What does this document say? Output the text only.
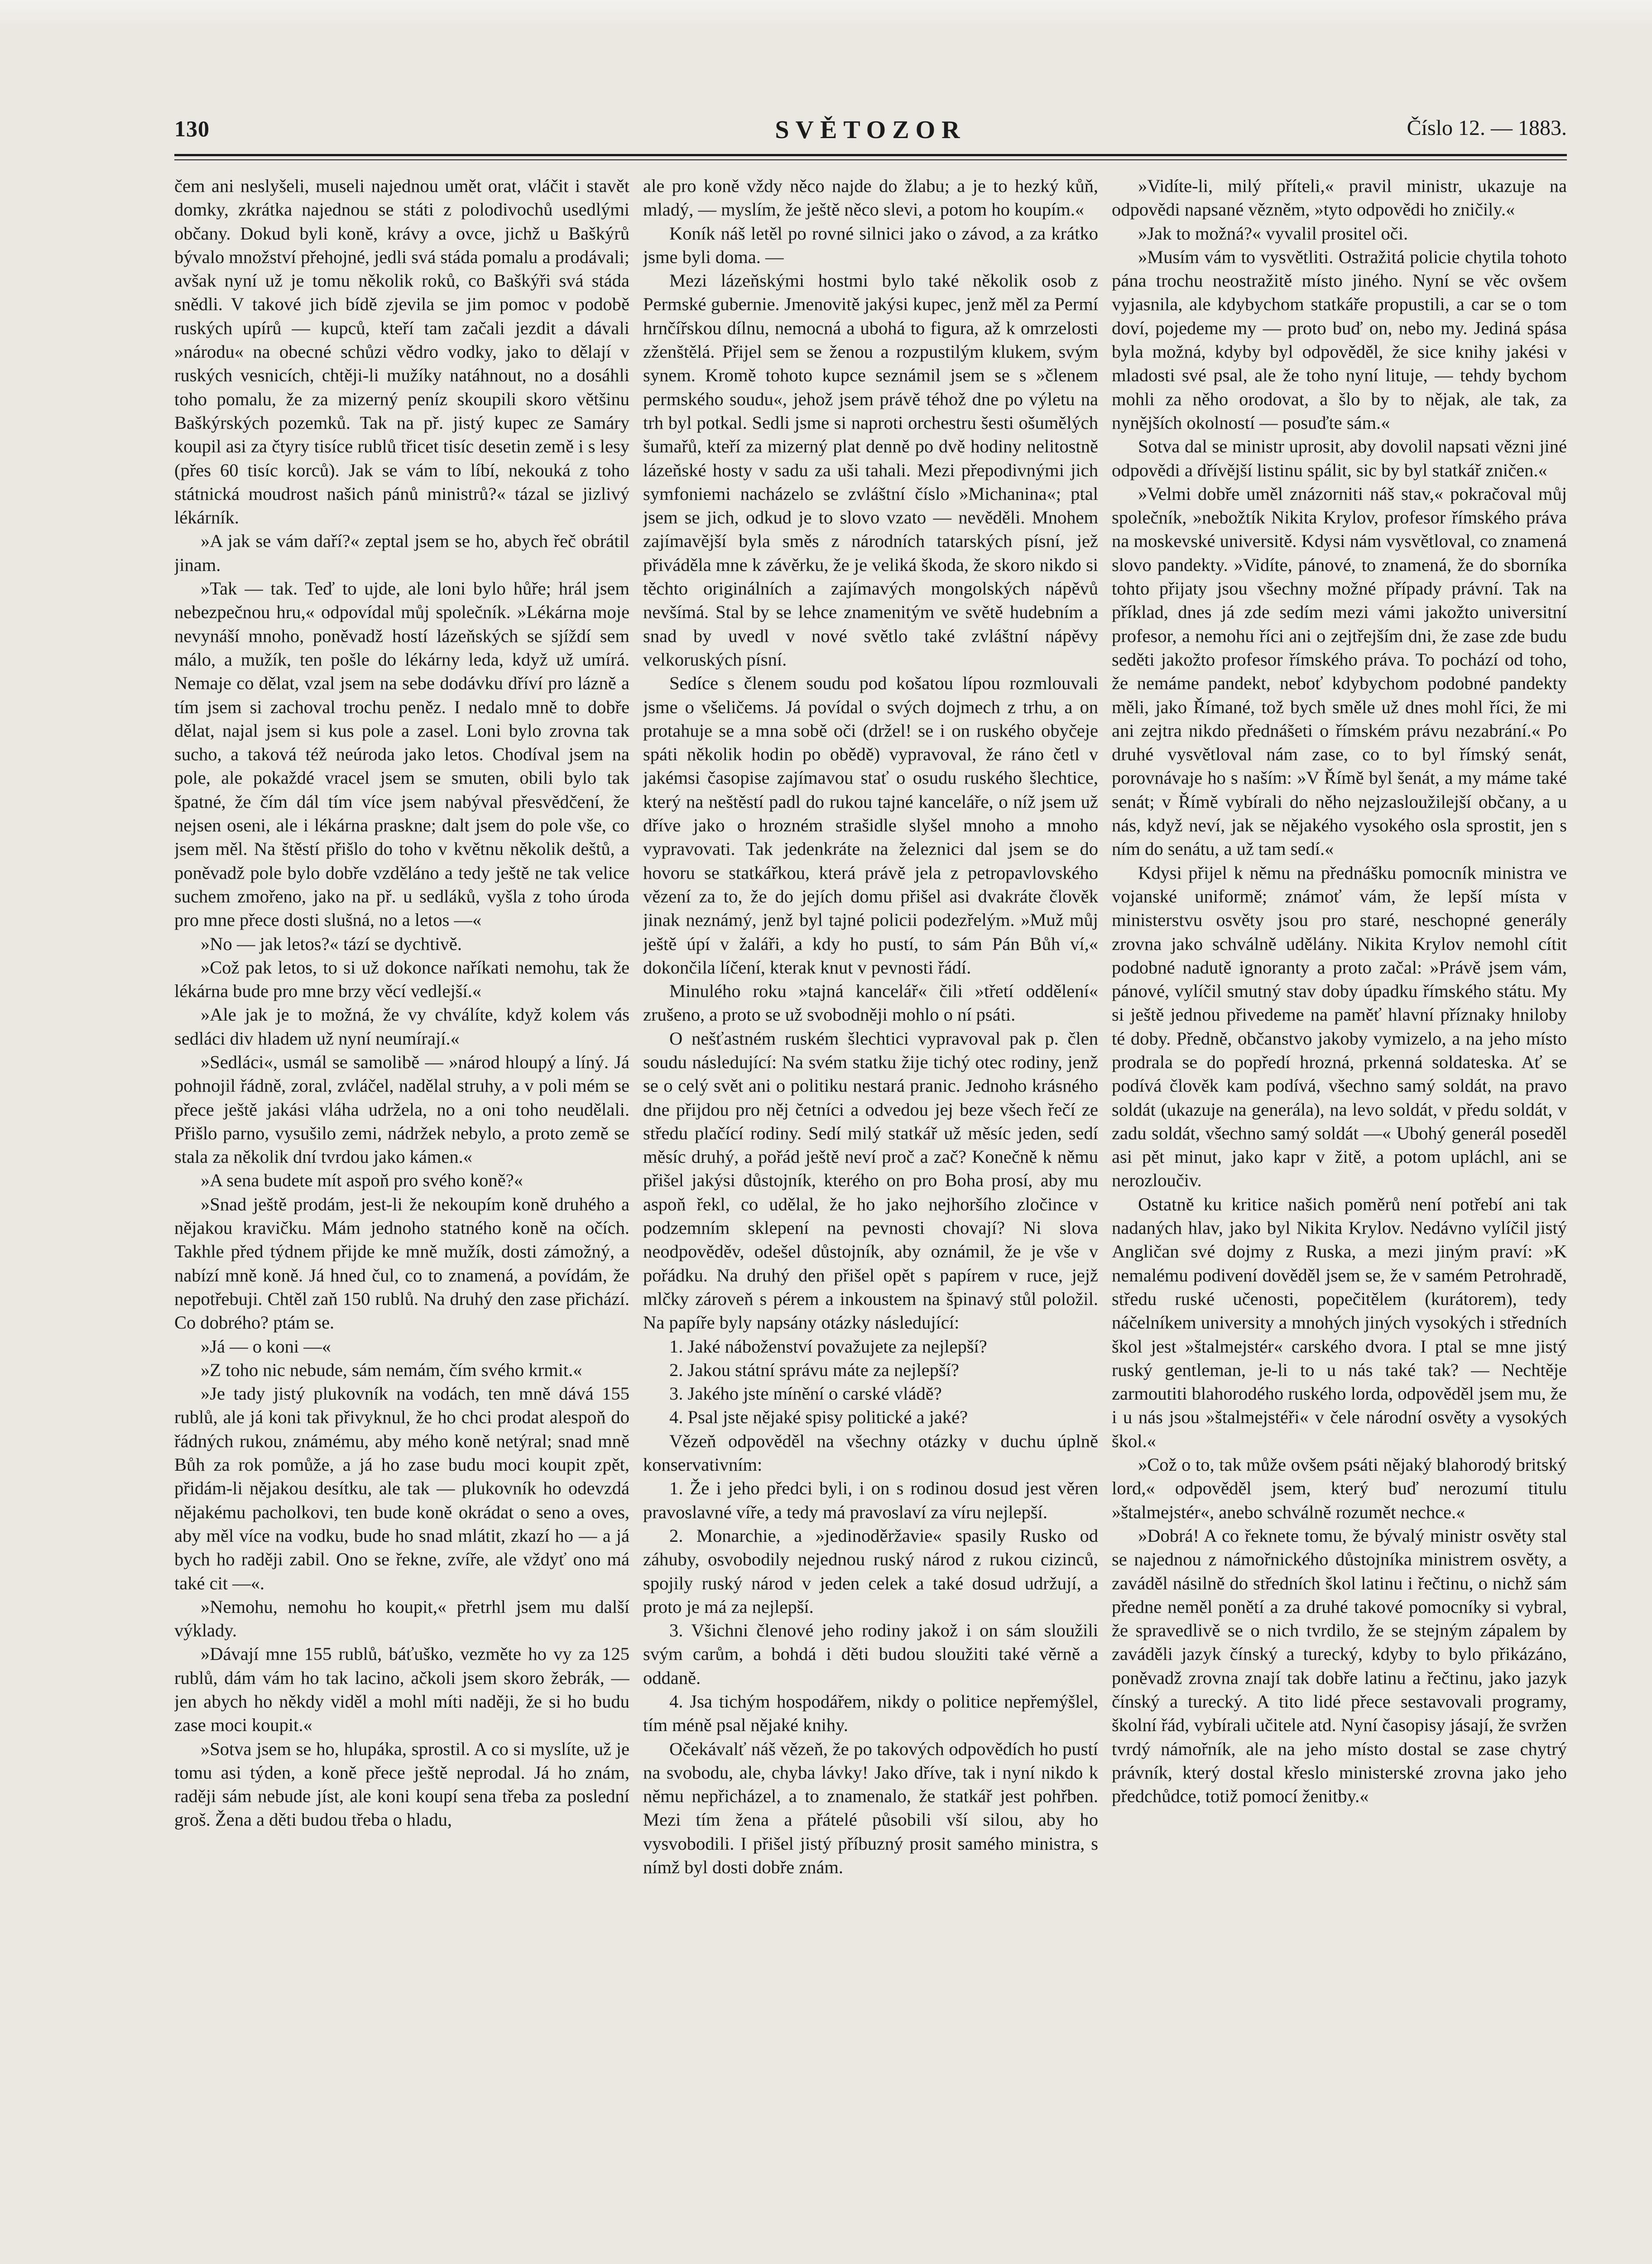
130	SVĚTOZOR	Číslo 12. — 1883.

čem ani neslyšeli, museli najednou umět orat, vláčit i stavět domky, zkrátka najednou se státi z polodivochů usedlými občany. Dokud byli koně, krávy a ovce, jichž u Baškýrů bývalo množství přehojné, jedli svá stáda pomalu a prodávali; avšak nyní už je tomu několik roků, co Baškýři svá stáda snědli. V takové jich bídě zjevila se jim pomoc v podobě ruských upírů — kupců, kteří tam začali jezdit a dávali »národu« na obecné schůzi vědro vodky, jako to dělají v ruských vesnicích, chtěji-li mužíky natáhnout, no a dosáhli toho pomalu, že za mizerný peníz skoupili skoro většinu Baškýrských pozemků. Tak na př. jistý kupec ze Samáry koupil asi za čtyry tisíce rublů třicet tisíc desetin země i s lesy (přes 60 tisíc korců). Jak se vám to líbí, nekouká z toho státnická moudrost našich pánů ministrů?« tázal se jizlivý lékárník.

»A jak se vám daří?« zeptal jsem se ho, abych řeč obrátil jinam.

»Tak — tak. Teď to ujde, ale loni bylo hůře; hrál jsem nebezpečnou hru,« odpovídal můj společník. »Lékárna moje nevynáší mnoho, poněvadž hostí lázeňských se sjíždí sem málo, a mužík, ten pošle do lékárny leda, když už umírá. Nemaje co dělat, vzal jsem na sebe dodávku dříví pro lázně a tím jsem si zachoval trochu peněz. I nedalo mně to dobře dělat, najal jsem si kus pole a zasel. Loni bylo zrovna tak sucho, a taková též neúroda jako letos. Chodíval jsem na pole, ale pokaždé vracel jsem se smuten, obili bylo tak špatné, že čím dál tím více jsem nabýval přesvědčení, že nejsen oseni, ale i lékárna praskne; dalt jsem do pole vše, co jsem měl. Na štěstí přišlo do toho v květnu několik deštů, a poněvadž pole bylo dobře vzděláno a tedy ještě ne tak velice suchem zmořeno, jako na př. u sedláků, vyšla z toho úroda pro mne přece dosti slušná, no a letos —«

»No — jak letos?« tází se dychtivě.

»Což pak letos, to si už dokonce naříkati nemohu, tak že lékárna bude pro mne brzy věcí vedlejší.«

»Ale jak je to možná, že vy chválíte, když kolem vás sedláci div hladem už nyní neumírají.«

»Sedláci«, usmál se samolibě — »národ hloupý a líný. Já pohnojil řádně, zoral, zvláčel, nadělal struhy, a v poli mém se přece ještě jakási vláha udržela, no a oni toho neudělali. Přišlo parno, vysušilo zemi, nádržek nebylo, a proto země se stala za několik dní tvrdou jako kámen.«

»A sena budete mít aspoň pro svého koně?«

»Snad ještě prodám, jest-li že nekoupím koně druhého a nějakou kravičku. Mám jednoho statného koně na očích. Takhle před týdnem přijde ke mně mužík, dosti zámožný, a nabízí mně koně. Já hned čul, co to znamená, a povídám, že nepotřebuji. Chtěl zaň 150 rublů. Na druhý den zase přichází. Co dobrého? ptám se.

»Já — o koni —«

»Z toho nic nebude, sám nemám, čím svého krmit.«

»Je tady jistý plukovník na vodách, ten mně dává 155 rublů, ale já koni tak přivyknul, že ho chci prodat alespoň do řádných rukou, známému, aby mého koně netýral; snad mně Bůh za rok pomůže, a já ho zase budu moci koupit zpět, přidám-li nějakou desítku, ale tak — plukovník ho odevzdá nějakému pacholkovi, ten bude koně okrádat o seno a oves, aby měl více na vodku, bude ho snad mlátit, zkazí ho — a já bych ho raději zabil. Ono se řekne, zvíře, ale vždyť ono má také cit —«.

»Nemohu, nemohu ho koupit,« přetrhl jsem mu další výklady.

»Dávají mne 155 rublů, báťuško, vezměte ho vy za 125 rublů, dám vám ho tak lacino, ačkoli jsem skoro žebrák, — jen abych ho někdy viděl a mohl míti naději, že si ho budu zase moci koupit.«

»Sotva jsem se ho, hlupáka, sprostil. A co si myslíte, už je tomu asi týden, a koně přece ještě neprodal. Já ho znám, raději sám nebude jíst, ale koni koupí sena třeba za poslední groš. Žena a děti budou třeba o hladu,

ale pro koně vždy něco najde do žlabu; a je to hezký kůň, mladý, — myslím, že ještě něco slevi, a potom ho koupím.«

Koník náš letěl po rovné silnici jako o závod, a za krátko jsme byli doma. —

Mezi lázeňskými hostmi bylo také několik osob z Permské gubernie. Jmenovitě jakýsi kupec, jenž měl za Permí hrnčířskou dílnu, nemocná a ubohá to figura, až k omrzelosti zženštělá. Přijel sem se ženou a rozpustilým klukem, svým synem. Kromě tohoto kupce seznámil jsem se s »členem permského soudu«, jehož jsem právě téhož dne po výletu na trh byl potkal. Sedli jsme si naproti orchestru šesti ošumělých šumařů, kteří za mizerný plat denně po dvě hodiny nelitostně lázeňské hosty v sadu za uši tahali. Mezi přepodivnými jich symfoniemi nacházelo se zvláštní číslo »Michanina«; ptal jsem se jich, odkud je to slovo vzato — nevěděli. Mnohem zajímavější byla směs z národních tatarských písní, jež přiváděla mne k závěrku, že je veliká škoda, že skoro nikdo si těchto originálních a zajímavých mongolských nápěvů nevšímá. Stal by se lehce znamenitým ve světě hudebním a snad by uvedl v nové světlo také zvláštní nápěvy velkoruských písní.

Sedíce s členem soudu pod košatou lípou rozmlouvali jsme o všeličems. Já povídal o svých dojmech z trhu, a on protahuje se a mna sobě oči (držel! se i on ruského obyčeje spáti několik hodin po obědě) vypravoval, že ráno četl v jakémsi časopise zajímavou stať o osudu ruského šlechtice, který na neštěstí padl do rukou tajné kanceláře, o níž jsem už dříve jako o hrozném strašidle slyšel mnoho a mnoho vypravovati. Tak jedenkráte na železnici dal jsem se do hovoru se statkářkou, která právě jela z petropavlovského vězení za to, že do jejích domu přišel asi dvakráte člověk jinak neznámý, jenž byl tajné policii podezřelým. »Muž můj ještě úpí v žaláři, a kdy ho pustí, to sám Pán Bůh ví,« dokončila líčení, kterak knut v pevnosti řádí.

Minulého roku »tajná kancelář« čili »třetí oddělení« zrušeno, a proto se už svobodněji mohlo o ní psáti.

O nešťastném ruském šlechtici vypravoval pak p. člen soudu následující: Na svém statku žije tichý otec rodiny, jenž se o celý svět ani o politiku nestará pranic. Jednoho krásného dne přijdou pro něj četníci a odvedou jej beze všech řečí ze středu plačící rodiny. Sedí milý statkář už měsíc jeden, sedí měsíc druhý, a pořád ještě neví proč a zač? Konečně k němu přišel jakýsi důstojník, kterého on pro Boha prosí, aby mu aspoň řekl, co udělal, že ho jako nejhoršího zločince v podzemním sklepení na pevnosti chovají? Ni slova neodpověděv, odešel důstojník, aby oznámil, že je vše v pořádku. Na druhý den přišel opět s papírem v ruce, jejž mlčky zároveň s pérem a inkoustem na špinavý stůl položil. Na papíře byly napsány otázky následující:

1. Jaké náboženství považujete za nejlepší?

2. Jakou státní správu máte za nejlepší?

3. Jakého jste mínění o carské vládě?

4. Psal jste nějaké spisy politické a jaké?

Vězeň odpověděl na všechny otázky v duchu úplně konservativním:

1. Že i jeho předci byli, i on s rodinou dosud jest věren pravoslavné víře, a tedy má pravoslaví za víru nejlepší.

2. Monarchie, a »jedinoděržavie« spasily Rusko od záhuby, osvobodily nejednou ruský národ z rukou cizinců, spojily ruský národ v jeden celek a také dosud udržují, a proto je má za nejlepší.

3. Všichni členové jeho rodiny jakož i on sám sloužili svým carům, a bohdá i děti budou sloužiti také věrně a oddaně.

4. Jsa tichým hospodářem, nikdy o politice nepřemýšlel, tím méně psal nějaké knihy.

Očekávalť náš vězeň, že po takových odpovědích ho pustí na svobodu, ale, chyba lávky! Jako dříve, tak i nyní nikdo k němu nepřicházel, a to znamenalo, že statkář jest pohřben. Mezi tím žena a přátelé působili vší silou, aby ho vysvobodili. I přišel jistý příbuzný prosit samého ministra, s nímž byl dosti dobře znám.

»Vidíte-li, milý příteli,« pravil ministr, ukazuje na odpovědi napsané vězněm, »tyto odpovědi ho zničily.«

»Jak to možná?« vyvalil prositel oči.

»Musím vám to vysvětliti. Ostražitá policie chytila tohoto pána trochu neostražitě místo jiného. Nyní se věc ovšem vyjasnila, ale kdybychom statkáře propustili, a car se o tom doví, pojedeme my — proto buď on, nebo my. Jediná spása byla možná, kdyby byl odpověděl, že sice knihy jakési v mladosti své psal, ale že toho nyní lituje, — tehdy bychom mohli za něho orodovat, a šlo by to nějak, ale tak, za nynějších okolností — posuďte sám.«

Sotva dal se ministr uprosit, aby dovolil napsati vězni jiné odpovědi a dřívější listinu spálit, sic by byl statkář zničen.«

»Velmi dobře uměl znázorniti náš stav,« pokračoval můj společník, »nebožtík Nikita Krylov, profesor římského práva na moskevské universitě. Kdysi nám vysvětloval, co znamená slovo pandekty. »Vidíte, pánové, to znamená, že do sborníka tohto přijaty jsou všechny možné případy právní. Tak na příklad, dnes já zde sedím mezi vámi jakožto universitní profesor, a nemohu říci ani o zejtřejším dni, že zase zde budu seděti jakožto profesor římského práva. To pochází od toho, že nemáme pandekt, neboť kdybychom podobné pandekty měli, jako Římané, tož bych směle už dnes mohl říci, že mi ani zejtra nikdo přednášeti o římském právu nezabrání.« Po druhé vysvětloval nám zase, co to byl římský senát, porovnávaje ho s naším: »V Římě byl šenát, a my máme také senát; v Římě vybírali do něho nejzasloužilejší občany, a u nás, když neví, jak se nějakého vysokého osla sprostit, jen s ním do senátu, a už tam sedí.«

Kdysi přijel k němu na přednášku pomocník ministra ve vojanské uniformě; známoť vám, že lepší místa v ministerstvu osvěty jsou pro staré, neschopné generály zrovna jako schválně udělány. Nikita Krylov nemohl cítit podobné nadutě ignoranty a proto začal: »Právě jsem vám, pánové, vylíčil smutný stav doby úpadku římského státu. My si ještě jednou přivedeme na paměť hlavní příznaky hniloby té doby. Předně, občanstvo jakoby vymizelo, a na jeho místo prodrala se do popředí hrozná, prkenná soldateska. Ať se podívá člověk kam podívá, všechno samý soldát, na pravo soldát (ukazuje na generála), na levo soldát, v předu soldát, v zadu soldát, všechno samý soldát —« Ubohý generál poseděl asi pět minut, jako kapr v žitě, a potom upláchl, ani se nerozloučiv.

Ostatně ku kritice našich poměrů není potřebí ani tak nadaných hlav, jako byl Nikita Krylov. Nedávno vylíčil jistý Angličan své dojmy z Ruska, a mezi jiným praví: »K nemalému podivení dověděl jsem se, že v samém Petrohradě, středu ruské učenosti, popečitělem (kurátorem), tedy náčelníkem university a mnohých jiných vysokých i středních škol jest »štalmejstér« carského dvora. I ptal se mne jistý ruský gentleman, je-li to u nás také tak? — Nechtěje zarmoutiti blahorodého ruského lorda, odpověděl jsem mu, že i u nás jsou »štalmejstéři« v čele národní osvěty a vysokých škol.«

»Což o to, tak může ovšem psáti nějaký blahorodý britský lord,« odpověděl jsem, který buď nerozumí titulu »štalmejstér«, anebo schválně rozumět nechce.«

»Dobrá! A co řeknete tomu, že bývalý ministr osvěty stal se najednou z námořnického důstojníka ministrem osvěty, a zaváděl násilně do středních škol latinu i řečtinu, o nichž sám předne neměl ponětí a za druhé takové pomocníky si vybral, že spravedlivě se o nich tvrdilo, že se stejným zápalem by zaváděli jazyk čínský a turecký, kdyby to bylo přikázáno, poněvadž zrovna znají tak dobře latinu a řečtinu, jako jazyk čínský a turecký. A tito lidé přece sestavovali programy, školní řád, vybírali učitele atd. Nyní časopisy jásají, že svržen tvrdý námořník, ale na jeho místo dostal se zase chytrý právník, který dostal křeslo ministerské zrovna jako jeho předchůdce, totiž pomocí ženitby.«
